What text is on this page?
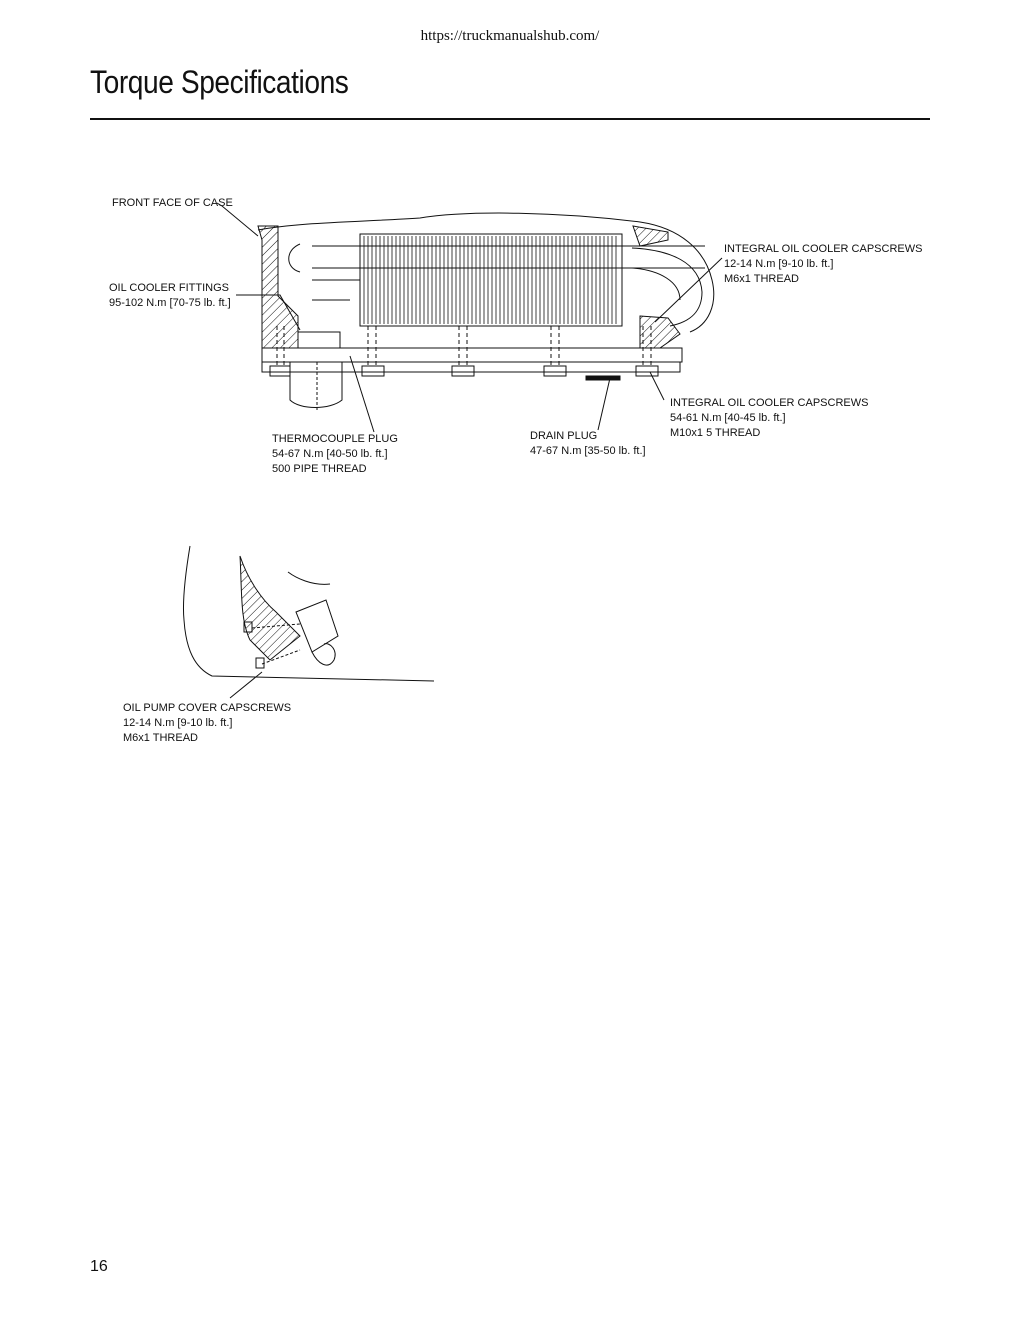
https://truckmanualshub.com/
Torque Specifications
FRONT FACE OF CASE
OIL COOLER FITTINGS
95-102 N.m [70-75 lb. ft.]
INTEGRAL OIL COOLER CAPSCREWS
12-14 N.m [9-10 lb. ft.]
M6x1 THREAD
INTEGRAL OIL COOLER CAPSCREWS
54-61 N.m [40-45 lb. ft.]
M10x1 5 THREAD
THERMOCOUPLE PLUG
54-67 N.m [40-50 lb. ft.]
500 PIPE THREAD
DRAIN PLUG
47-67 N.m [35-50 lb. ft.]
OIL PUMP COVER CAPSCREWS
12-14 N.m [9-10 lb. ft.]
M6x1 THREAD
16
